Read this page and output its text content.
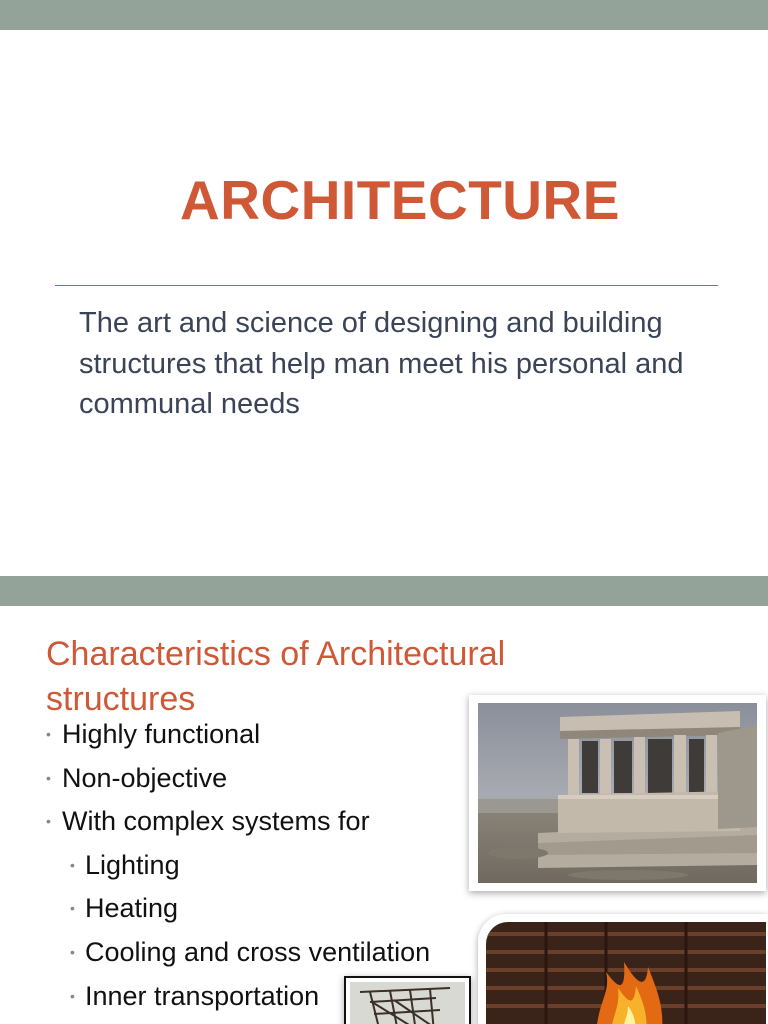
ARCHITECTURE
The art and science of designing and building structures that help man meet his personal and communal needs
Characteristics of Architectural structures
• Highly functional
• Non-objective
• With complex systems for
• Lighting
• Heating
• Cooling and cross ventilation
• Inner transportation
